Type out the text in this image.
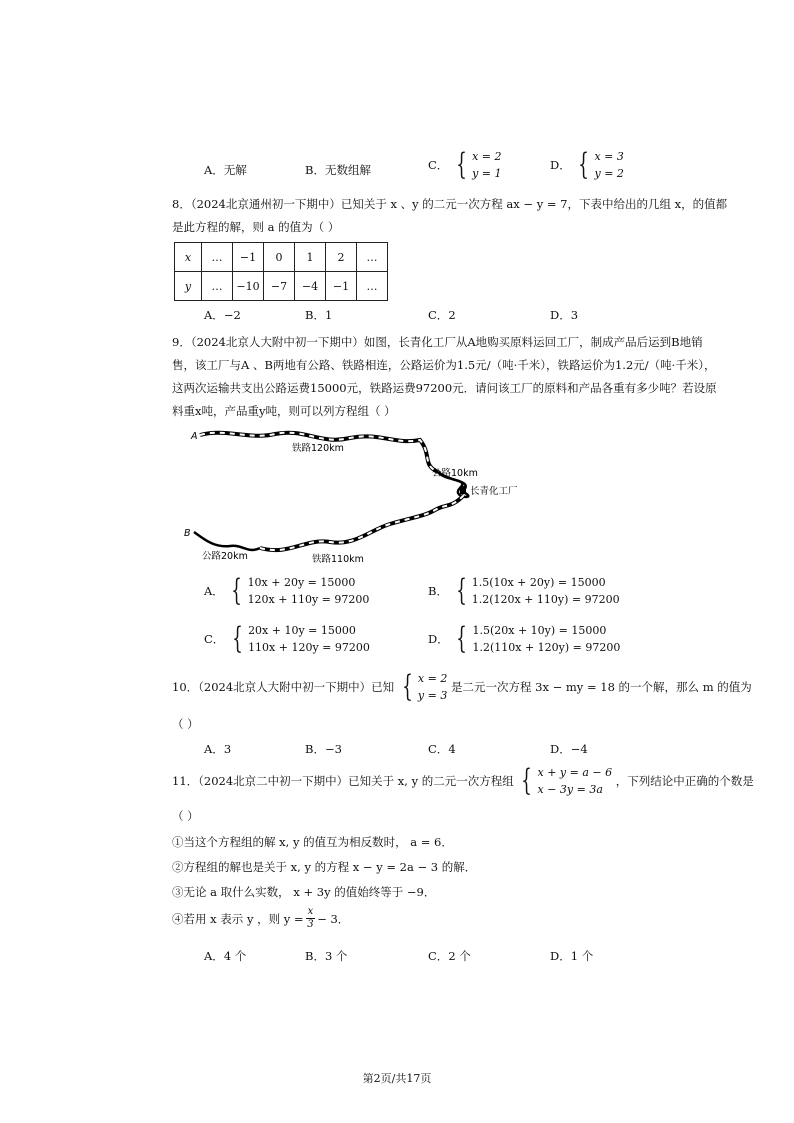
A．无解	B．无数组解	C． { x = 2
y = 1
D． { x = 3
y = 2
8．（2024北京通州初一下期中）已知关于 x 、y 的二元一次方程 ax − y = 7，下表中给出的几组 x，的值都
是此方程的解，则 a 的值为（ ）
x	…	−1	0	1	2	…
y	…	−10	−7	−4	−1	…
A．−2	B．1	C．2	D．3
9．（2024北京人大附中初一下期中）如图，长青化工厂从A地购买原料运回工厂，制成产品后运到B地销
售，该工厂与A 、B两地有公路、铁路相连，公路运价为1.5元/（吨·千米），铁路运价为1.2元/（吨·千米），
这两次运输共支出公路运费15000元，铁路运费97200元．请问该工厂的原料和产品各重有多少吨？若设原
料重x吨，产品重y吨，则可以列方程组（ ）
A
B
铁路120km
公路10km
长青化工厂
公路20km	铁路110km
A． { 10x + 20y = 15000
120x + 110y = 97200
B． { 1.5(10x + 20y) = 15000
1.2(120x + 110y) = 97200
C． { 20x + 10y = 15000
110x + 120y = 97200
D． { 1.5(20x + 10y) = 15000
1.2(110x + 120y) = 97200
10．（2024北京人大附中初一下期中）已知 { x = 2
y = 3
是二元一次方程 3x − my = 18 的一个解，那么 m 的值为
（ ）
A．3	B．−3	C．4	D．−4
11．（2024北京二中初一下期中）已知关于 x, y 的二元一次方程组 { x + y = a − 6
x − 3y = 3a
，下列结论中正确的个数是
（ ）
①当这个方程组的解 x, y 的值互为相反数时， a = 6．
②方程组的解也是关于 x, y 的方程 x − y = 2a − 3 的解．
③无论 a 取什么实数， x + 3y 的值始终等于 −9．
④若用 x 表示 y ，则 $y = \frac{x}{3} - 3$．
A．4 个	B．3 个	C．2 个	D．1 个
第2页/共17页
